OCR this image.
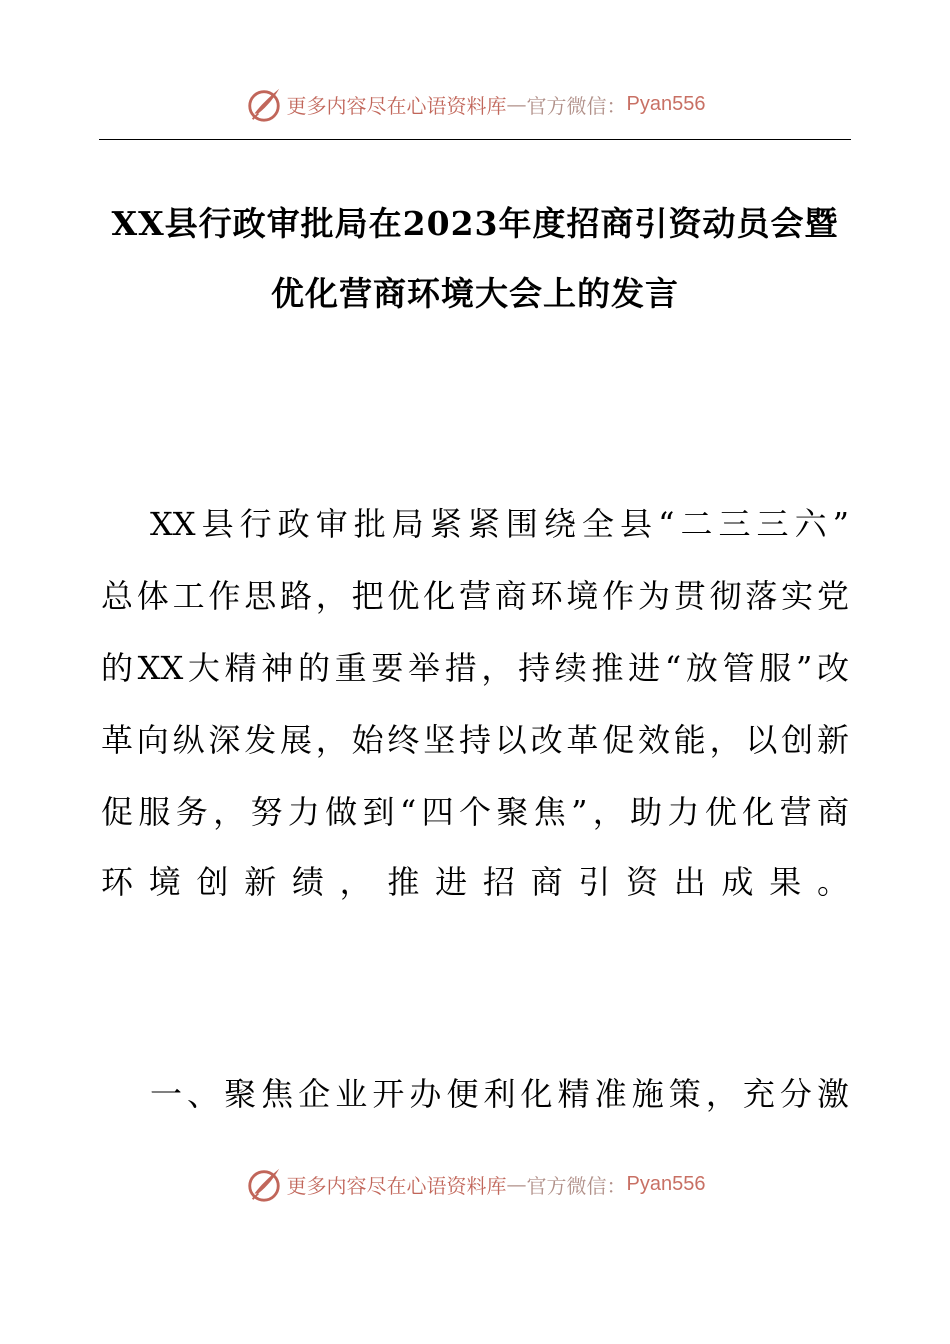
更多内容尽在心语资料库 — 官方微信： Pyan556
XX县行政审批局在2023年度招商引资动员会暨
优化营商环境大会上的发言
XX县行政审批局紧紧围绕全县“二三三六”
总体工作思路，把优化营商环境作为贯彻落实党
的XX大精神的重要举措，持续推进“放管服”改
革向纵深发展，始终坚持以改革促效能，以创新
促服务，努力做到“四个聚焦”，助力优化营商
环境创新绩，推进招商引资出成果。
一、聚焦企业开办便利化精准施策，充分激
更多内容尽在心语资料库 — 官方微信： Pyan556
